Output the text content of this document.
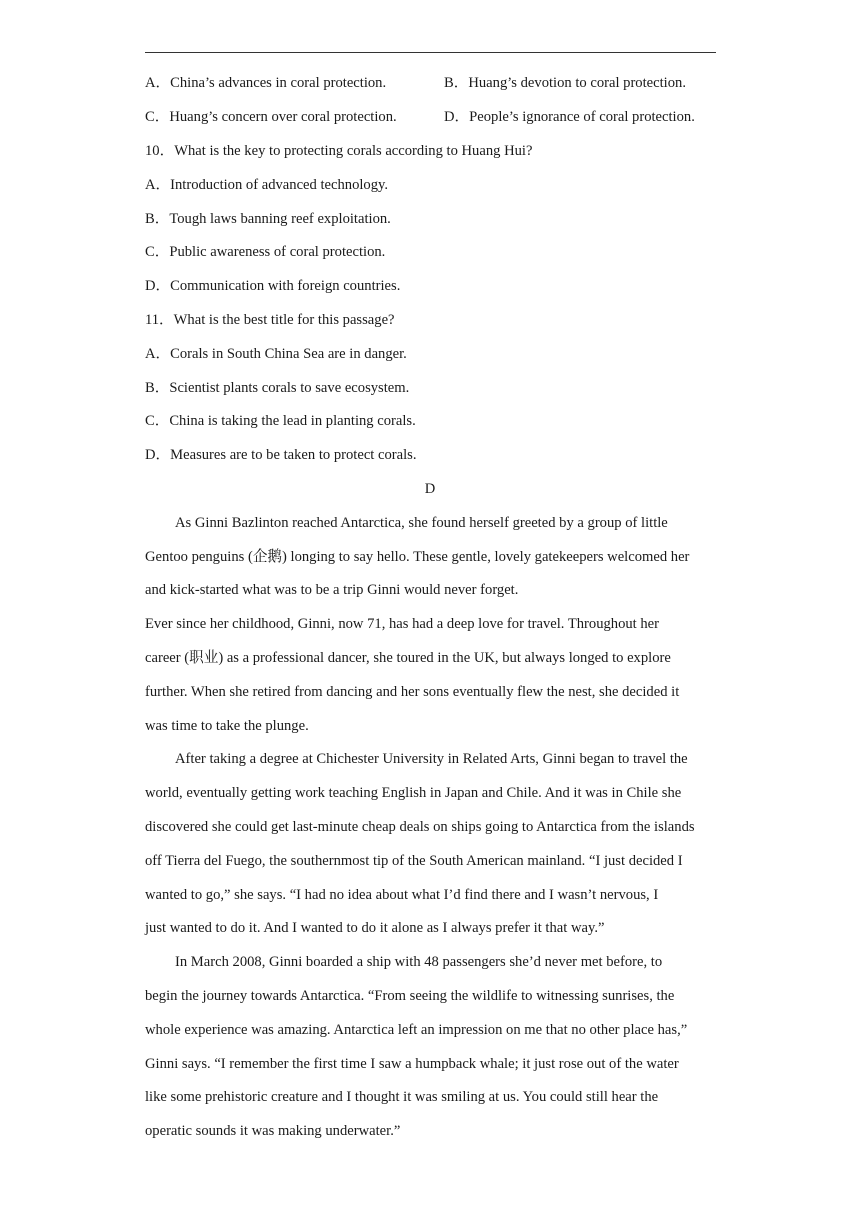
A．China’s advances in coral protection.	B．Huang’s devotion to coral protection.
C．Huang’s concern over coral protection.	D．People’s ignorance of coral protection.
10．What is the key to protecting corals according to Huang Hui?
A．Introduction of advanced technology.
B．Tough laws banning reef exploitation.
C．Public awareness of coral protection.
D．Communication with foreign countries.
11．What is the best title for this passage?
A．Corals in South China Sea are in danger.
B．Scientist plants corals to save ecosystem.
C．China is taking the lead in planting corals.
D．Measures are to be taken to protect corals.
D
As Ginni Bazlinton reached Antarctica, she found herself greeted by a group of little
Gentoo penguins (企鹅) longing to say hello. These gentle, lovely gatekeepers welcomed her
and kick-started what was to be a trip Ginni would never forget.
Ever since her childhood, Ginni, now 71, has had a deep love for travel. Throughout her
career (职业) as a professional dancer, she toured in the UK, but always longed to explore
further. When she retired from dancing and her sons eventually flew the nest, she decided it
was time to take the plunge.
After taking a degree at Chichester University in Related Arts, Ginni began to travel the
world, eventually getting work teaching English in Japan and Chile. And it was in Chile she
discovered she could get last-minute cheap deals on ships going to Antarctica from the islands
off Tierra del Fuego, the southernmost tip of the South American mainland. “I just decided I
wanted to go,” she says. “I had no idea about what I’d find there and I wasn’t nervous, I
just wanted to do it. And I wanted to do it alone as I always prefer it that way.”
In March 2008, Ginni boarded a ship with 48 passengers she’d never met before, to
begin the journey towards Antarctica. “From seeing the wildlife to witnessing sunrises, the
whole experience was amazing. Antarctica left an impression on me that no other place has,”
Ginni says. “I remember the first time I saw a humpback whale; it just rose out of the water
like some prehistoric creature and I thought it was smiling at us. You could still hear the
operatic sounds it was making underwater.”
